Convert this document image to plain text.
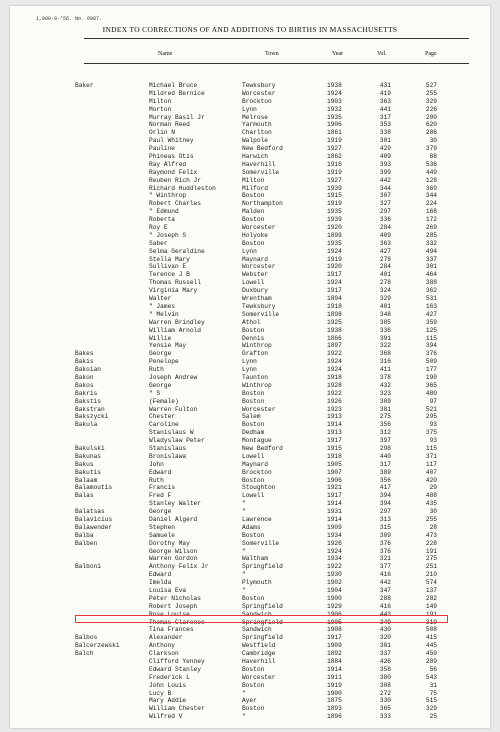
1,000-9-'56. No. 6087.
INDEX TO CORRECTIONS OF AND ADDITIONS TO BIRTHS IN MASSACHUSETTS
Name	Town	Year	Vol.	Page
Baker	Michael Bruce	Tewksbury	1938	431	527
Mildred Bernice	Worcester	1924	419	255
Milton	Brockton	1903	363	329
Morton	Lynn	1932	441	226
Murray Basil Jr	Melrose	1935	317	200
Norman Reed	Yarmouth	1906	353	620
Orlin N	Charlton	1861	338	286
Paul Whitney	Walpole	1919	301	30
Pauline	New Bedford	1927	429	379
Phineas Otis	Harwich	1862	409	88
Ray Alfred	Haverhill	1916	393	536
Raymond Felix	Somerville	1919	399	449
Reuben Rich Jr	Milton	1927	442	128
Richard Huddleston	Milford	1939	344	369
" Winthrop	Boston	1915	307	344
Robert Charles	Northampton	1919	327	224
" Edmund	Malden	1935	297	168
Roberta	Boston	1939	336	172
Roy E	Worcester	1920	284	269
" Joseph S	Holyoke	1899	409	285
Saber	Boston	1935	363	332
Selma Geraldine	Lynn	1924	427	494
Stella Mary	Maynard	1919	278	337
Sullivan E	Worcester	1920	284	301
Terence J B	Webster	1917	401	464
Thomas Russell	Lowell	1924	278	388
Virginia Mary	Duxbury	1917	324	362
Walter	Wrentham	1894	329	531
" James	Tewksbury	1918	401	163
" Melvin	Somerville	1898	348	427
Warren Brindley	Athol	1925	385	359
William Arnold	Boston	1938	336	125
Willie	Dennis	1866	391	115
Yensie May	Winthrop	1897	322	394
Bakes	George	Grafton	1922	368	376
Bakis	Penelope	Lynn	1924	316	509
Bakoian	Ruth	Lynn	1924	411	177
Bakon	Joseph Andrew	Taunton	1918	378	190
Bakos	George	Winthrop	1928	432	365
Bakris	" S	Boston	1922	323	480
Bakstis	(Female)	Boston	1926	309	97
Bakstran	Warren Fulton	Worcester	1923	381	521
Bakszycki	Chester	Salem	1913	275	295
Bakula	Caroline	Boston	1914	356	93
Stanislaus W	Dedham	1913	312	375
Wladyslaw Peter	Montague	1917	397	93
Bakulski	Stanislaus	New Bedford	1915	298	115
Bakunas	Bronislawa	Lowell	1918	440	371
Bakus	John	Maynard	1905	317	117
Bakutis	Edward	Brockton	1907	389	407
Balaam	Ruth	Boston	1906	356	420
Balamoutis	Francis	Stoughton	1921	417	29
Balas	Fred F	Lowell	1917	394	488
Stanley Walter	"	1914	394	435
Balatsas	George	"	1931	297	30
Balavicius	Daniel Algerd	Lawrence	1914	313	255
Balawender	Stephen	Adams	1909	315	28
Balba	Samuele	Boston	1934	309	473
Balben	Dorothy May	Somerville	1926	376	228
George Wilson	"	1924	376	191
Warren Gordon	Waltham	1934	321	275
Balboni	Anthony Felix Jr	Springfield	1922	377	251
Edward	"	1930	416	210
Imelda	Plymouth	1902	442	574
Louisa Eva	"	1904	347	137
Peter Nicholas	Boston	1900	288	282
Robert Joseph	Springfield	1929	416	149
Rose Louise	Sandwich	1906	443	191
Thomas Clarence	Springfield	1905	349	319
Tina Frances	Sandwich	1908	430	508
Balbos	Alexander	Springfield	1917	320	415
Balcerzewski	Anthony	Westfield	1909	301	445
Balch	Clarkson	Cambridge	1892	337	450
Clifford Yenney	Haverhill	1884	426	289
Edward Stanley	Boston	1914	358	56
Frederick L	Worcester	1911	380	543
John Louis	Boston	1919	308	31
Lucy B	"	1900	272	75
Mary Addie	Ayer	1875	330	515
William Chester	Boston	1893	365	329
Wilfred V	"	1896	333	25
